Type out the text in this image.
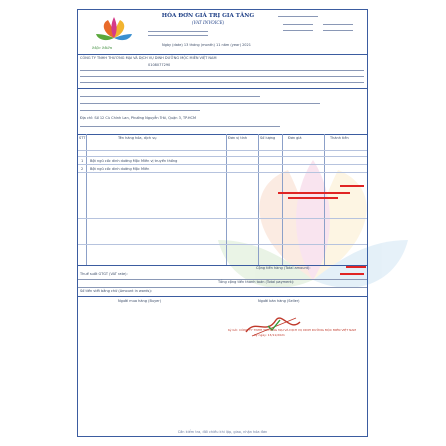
Mộc Miên
HÓA ĐƠN GIÁ TRỊ GIA TĂNG
(VAT INVOICE)
Ngày (date) 13 tháng (month) 11 năm (year) 2021
CÔNG TY TNHH THƯƠNG MẠI VÀ DỊCH VỤ DINH DƯỠNG MỘC MIÊN VIỆT NAM
0108077290
Địa chỉ: Số 12 Cù Chính Lan, Phường Nguyễn Trãi, Quận 3, TP.HCM
STT	Tên hàng hóa, dịch vụ	Đơn vị tính	Số lượng	Đơn giá	Thành tiền
1 Bột ngũ cốc dinh dưỡng Mộc Miên vị truyền thống
2 Bột ngũ cốc dinh dưỡng Mộc Miên
Cộng tiền hàng (Total amount):
Thuế suất GTGT (VAT rate):
Tổng cộng tiền thanh toán (Total payment):
Số tiền viết bằng chữ (Amount in words):
Người mua hàng (Buyer)	Người bán hàng (Seller)
Ký bởi: CÔNG TY TNHH THƯƠNG MẠI VÀ DỊCH VỤ DINH DƯỠNG MỘC MIÊN VIỆT NAM
Ký ngày: 13/11/2021
Cần kiểm tra, đối chiếu khi lập, giao, nhận hóa đơn
